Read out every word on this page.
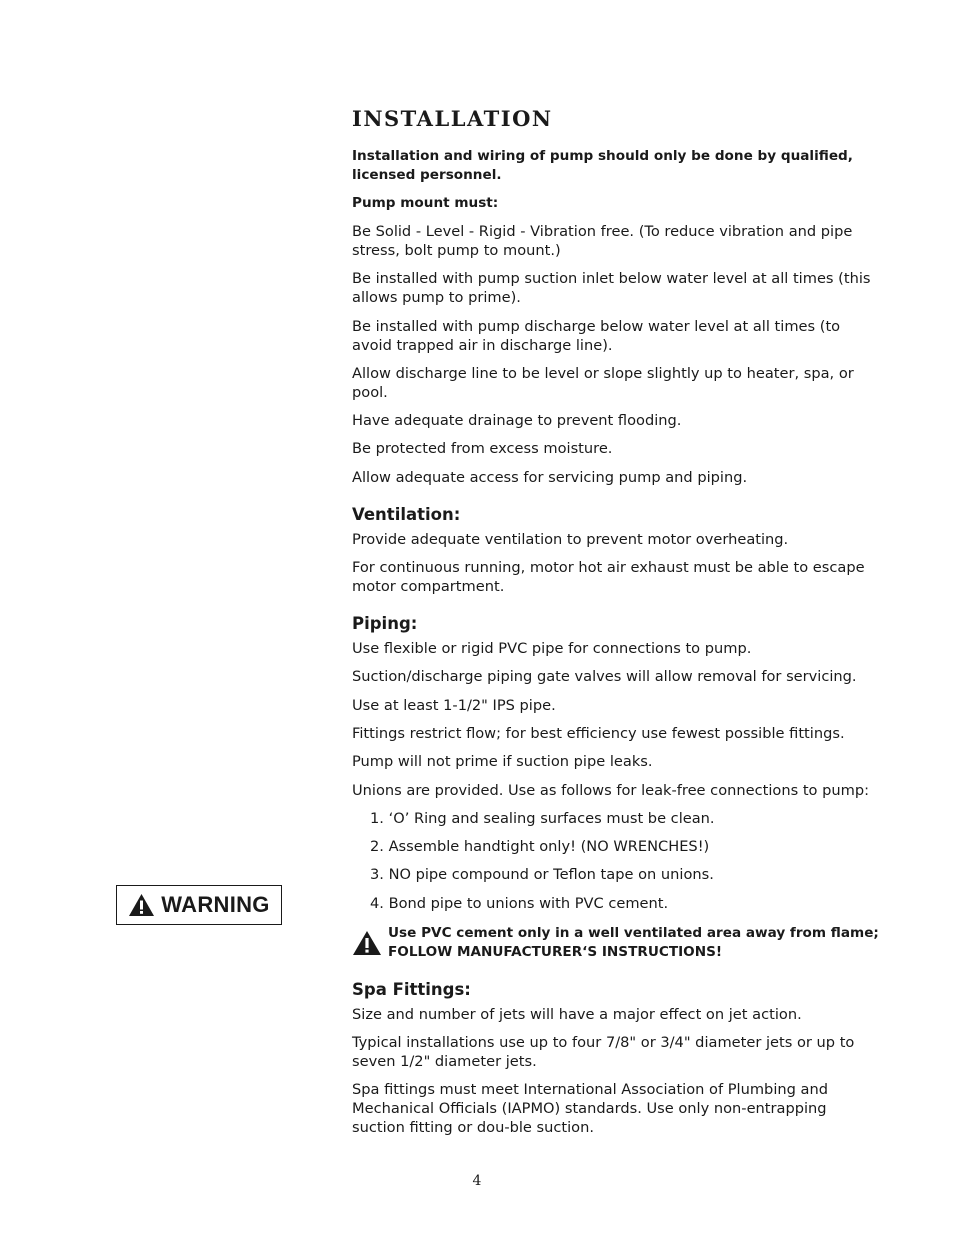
INSTALLATION
Installation and wiring of pump should only be done by qualified, licensed personnel.
Pump mount must:

Be Solid - Level - Rigid - Vibration free. (To reduce vibration and pipe stress, bolt pump to mount.)

Be installed with pump suction inlet below water level at all times (this allows pump to prime).

Be installed with pump discharge below water level at all times (to avoid trapped air in discharge line).

Allow discharge line to be level or slope slightly up to heater, spa, or pool.

Have adequate drainage to prevent flooding.

Be protected from excess moisture.

Allow adequate access for servicing pump and piping.

Ventilation:

Provide adequate ventilation to prevent motor overheating.

For continuous running, motor hot air exhaust must be able to escape motor compartment.

Piping:

Use flexible or rigid PVC pipe for connections to pump.

Suction/discharge piping gate valves will allow removal for servicing.

Use at least 1-1/2" IPS pipe.

Fittings restrict flow; for best efficiency use fewest possible fittings.

Pump will not prime if suction pipe leaks.

Unions are provided. Use as follows for leak-free connections to pump:

1. ‘O’ Ring and sealing surfaces must be clean.

2. Assemble handtight only! (NO WRENCHES!)

3. NO pipe compound or Teflon tape on unions.

4. Bond pipe to unions with PVC cement.

Use PVC cement only in a well ventilated area away from flame;
FOLLOW MANUFACTURER‘S INSTRUCTIONS!
Spa Fittings:

Size and number of jets will have a major effect on jet action.

Typical installations use up to four 7/8" or 3/4" diameter jets or up to seven 1/2" diameter jets.

Spa fittings must meet International Association of Plumbing and Mechanical Officials (IAPMO) standards. Use only non-entrapping suction fitting or dou-ble suction.

WARNING
4
